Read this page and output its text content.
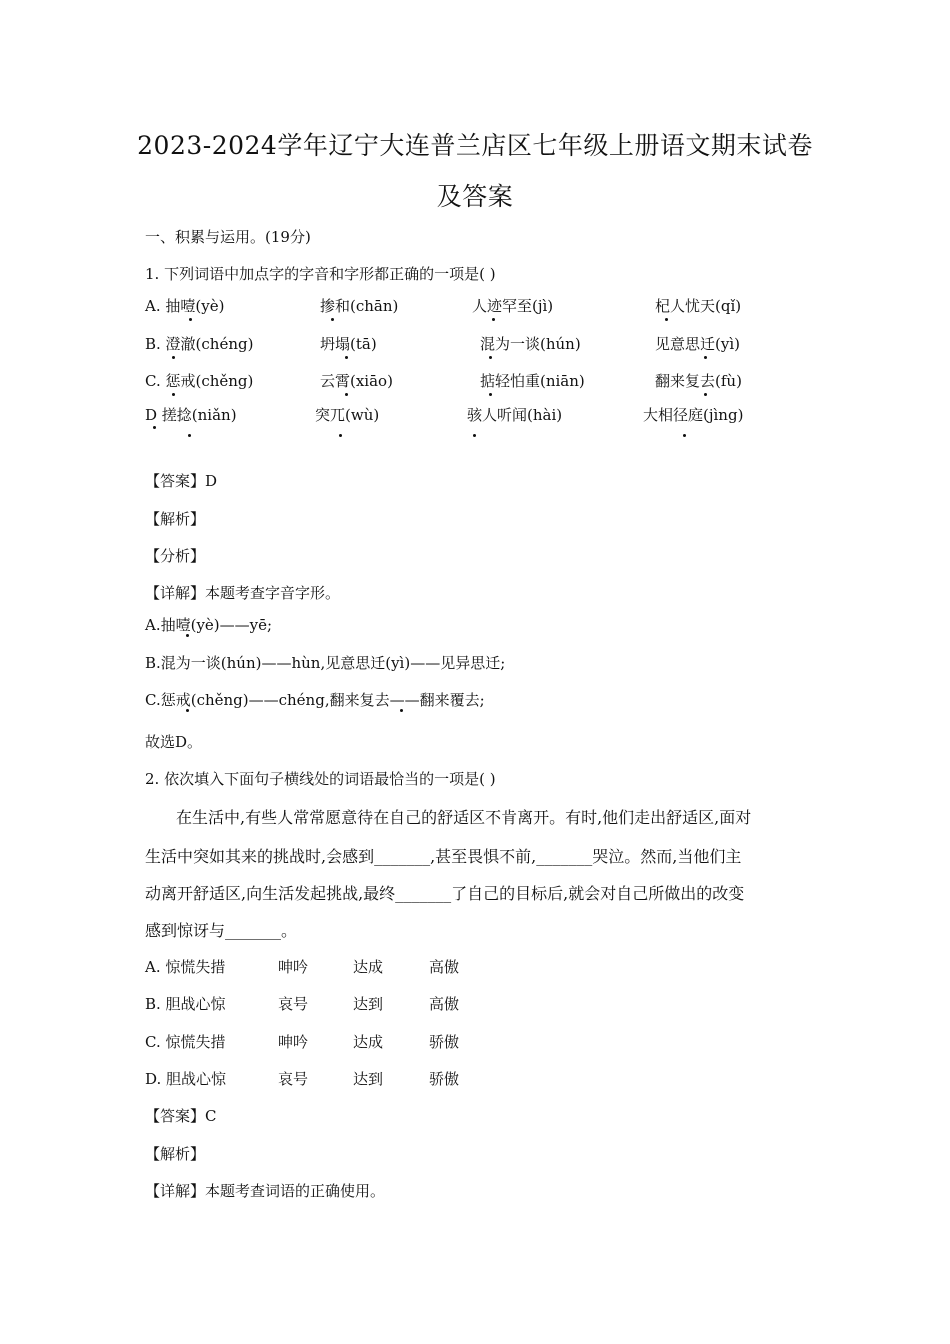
2023-2024学年辽宁大连普兰店区七年级上册语文期末试卷
及答案
一、积累与运用。(19分)
1. 下列词语中加点字的字音和字形都正确的一项是( )
A. 抽噎(yè)	掺和(chān)	人迹罕至(jì)	杞人忧天(qǐ)
B. 澄澈(chéng)	坍塌(tā)	混为一谈(hún)	见意思迁(yì)
C. 惩戒(chěng)	云霄(xiāo)	掂轻怕重(niān)	翻来复去(fù)
D 搓捻(niǎn)	突兀(wù)	骇人听闻(hài)	大相径庭(jìng)
【答案】D
【解析】
【分析】
【详解】本题考查字音字形。
A.抽噎(yè)——yē;
B.混为一谈(hún)——hùn,见意思迁(yì)——见异思迁;
C.惩戒(chěng)——chéng,翻来复去——翻来覆去;
故选D。
2. 依次填入下面句子横线处的词语最恰当的一项是( )
在生活中,有些人常常愿意待在自己的舒适区不肯离开。有时,他们走出舒适区,面对
生活中突如其来的挑战时,会感到_______,甚至畏惧不前,_______哭泣。然而,当他们主
动离开舒适区,向生活发起挑战,最终_______了自己的目标后,就会对自己所做出的改变
感到惊讶与_______。
A. 惊慌失措	呻吟	达成	高傲
B. 胆战心惊	哀号	达到	高傲
C. 惊慌失措	呻吟	达成	骄傲
D. 胆战心惊	哀号	达到	骄傲
【答案】C
【解析】
【详解】本题考查词语的正确使用。
